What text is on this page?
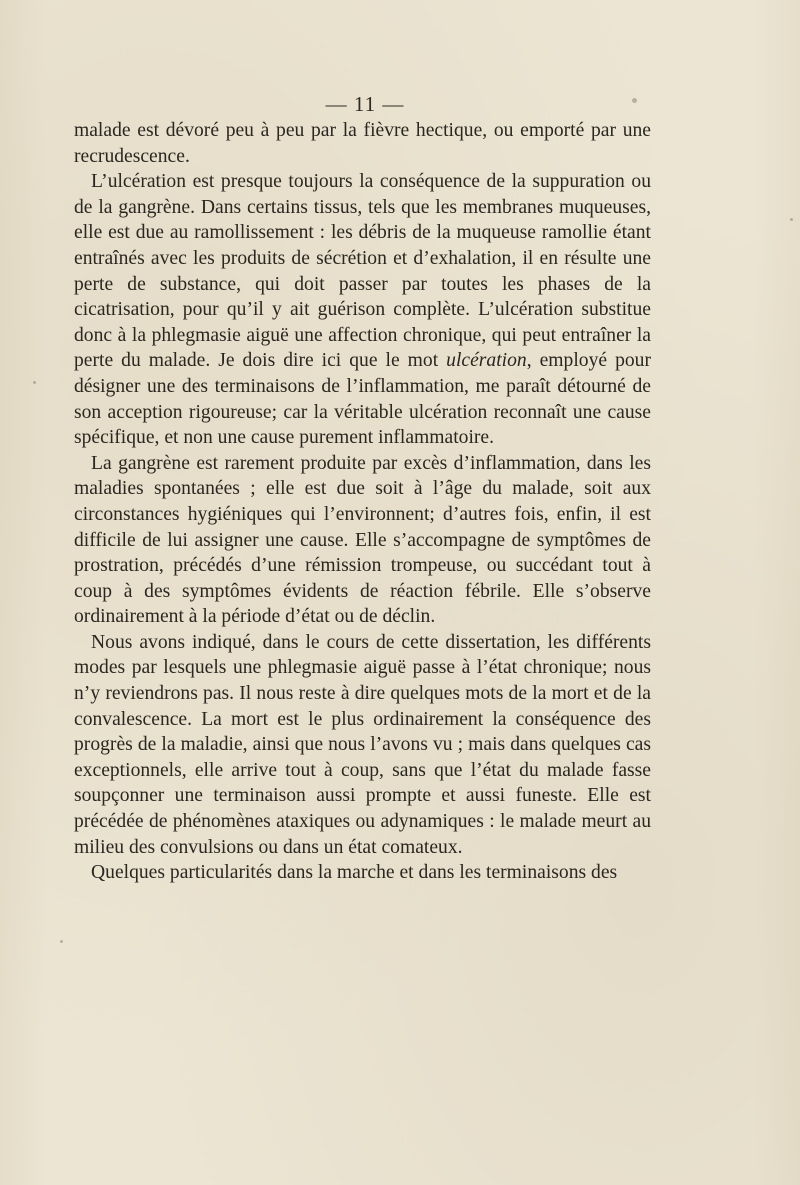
— 11 —

malade est dévoré peu à peu par la fièvre hectique, ou emporté par une recrudescence.

L’ulcération est presque toujours la conséquence de la suppuration ou de la gangrène. Dans certains tissus, tels que les membranes muqueuses, elle est due au ramollissement : les débris de la muqueuse ramollie étant entraînés avec les produits de sécrétion et d’exhalation, il en résulte une perte de substance, qui doit passer par toutes les phases de la cicatrisation, pour qu’il y ait guérison complète. L’ulcération substitue donc à la phlegmasie aiguë une affection chronique, qui peut entraîner la perte du malade. Je dois dire ici que le mot ulcération, employé pour désigner une des terminaisons de l’inflammation, me paraît détourné de son acception rigoureuse; car la véritable ulcération reconnaît une cause spécifique, et non une cause purement inflammatoire.

La gangrène est rarement produite par excès d’inflammation, dans les maladies spontanées ; elle est due soit à l’âge du malade, soit aux circonstances hygiéniques qui l’environnent; d’autres fois, enfin, il est difficile de lui assigner une cause. Elle s’accompagne de symptômes de prostration, précédés d’une rémission trompeuse, ou succédant tout à coup à des symptômes évidents de réaction fébrile. Elle s’observe ordinairement à la période d’état ou de déclin.

Nous avons indiqué, dans le cours de cette dissertation, les différents modes par lesquels une phlegmasie aiguë passe à l’état chronique; nous n’y reviendrons pas. Il nous reste à dire quelques mots de la mort et de la convalescence. La mort est le plus ordinairement la conséquence des progrès de la maladie, ainsi que nous l’avons vu ; mais dans quelques cas exceptionnels, elle arrive tout à coup, sans que l’état du malade fasse soupçonner une terminaison aussi prompte et aussi funeste. Elle est précédée de phénomènes ataxiques ou adynamiques : le malade meurt au milieu des convulsions ou dans un état comateux.

Quelques particularités dans la marche et dans les terminaisons des
